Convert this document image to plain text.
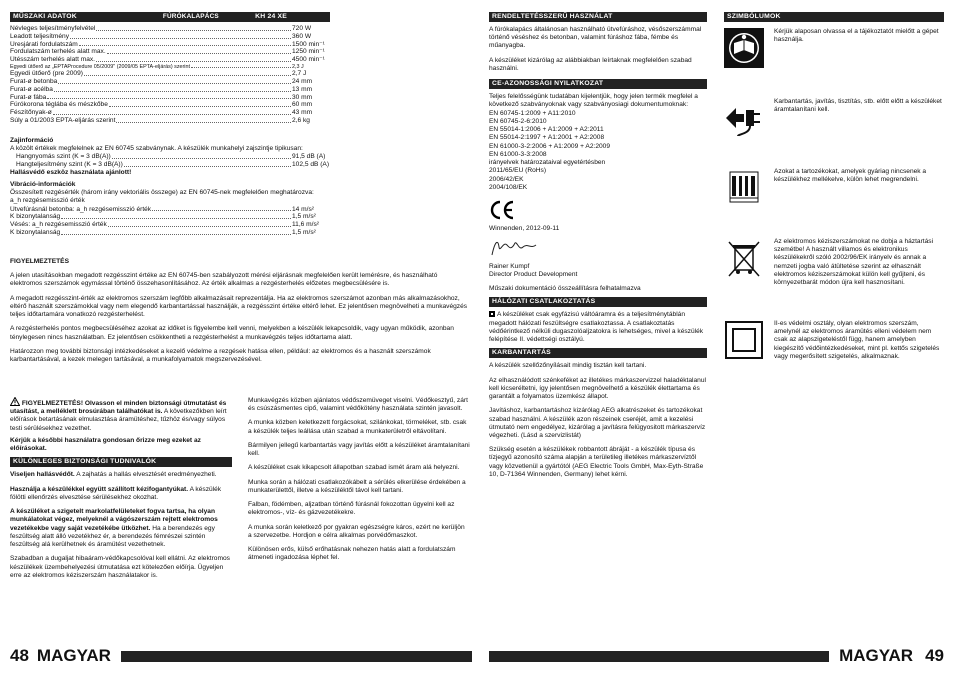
MŰSZAKI ADATOK	FÚRÓKALAPÁCS	KH 24 XE
Névleges teljesítményfelvétel	720 W
Leadott teljesítmény	360 W
Üresjárati fordulatszám	1500 min⁻¹
Fordulatszám terhelés alatt max.	1250 min⁻¹
Ütésszám terhelés alatt max.	4500 min⁻¹
Egyedi ütőerő az „EPTAProcedure 05/2009" (2009/05 EPTA-eljárás) szerint	2,3 J
Egyedi ütőerő (pre 2009)	2,7 J
Furat-ø betonba	24 mm
Furat-ø acélba	13 mm
Furat-ø fába	30 mm
Fúrókorona téglába és mészkőbe	60 mm
Fészítőnyak-ø	43 mm
Súly a 01/2003 EPTA-eljárás szerint	2,6 kg
Zajinformáció
A közölt értékek megfelelnek az EN 60745 szabványnak. A készülék munkahelyi zajszintje tipikusan:
Hangnyomás szint (K = 3 dB(A))	91,5 dB (A)
Hangteljesítmény szint (K = 3 dB(A))	102,5 dB (A)
Hallásvédő eszköz használata ajánlott!
Vibráció-információk
Összesített rezgésérték (három irány vektoriális összege) az EN 60745-nek megfelelően meghatározva:
a_h rezgésemisszió érték
Ütvefúrásnál betonba: a_h rezgésemisszió érték	14 m/s²
K bizonytalanság	1,5 m/s²
Vésés: a_h rezgésemisszió érték	11,6 m/s²
K bizonytalanság	1,5 m/s²
FIGYELMEZTETÉS

A jelen utasításokban megadott rezgésszint értéke az EN 60745-ben szabályozott mérési eljárásnak megfelelően került lemérésre, és használható elektromos szerszámok egymással történő összehasonlításához. Az érték alkalmas a rezgésterhelés előzetes megbecsülésére is.

A megadott rezgésszint-érték az elektromos szerszám legfőbb alkalmazásait reprezentálja. Ha az elektromos szerszámot azonban más alkalmazásokhoz, eltérő használt szerszámokkal vagy nem elegendő karbantartással használják, a rezgésszint értéke eltérő lehet. Ez jelentősen megnövelheti a munkavégzés teljes időtartamára vonatkozó rezgésterhelést.

A rezgésterhelés pontos megbecsüléséhez azokat az időket is figyelembe kell venni, melyekben a készülék lekapcsoldik, vagy ugyan működik, azonban ténylegesen nincs használatban. Ez jelentősen csökkentheti a rezgésterhelést a munkavégzés teljes időtartama alatt.

Határozzon meg további biztonsági intézkedéseket a kezelő védelme a rezgések hatása ellen, például: az elektromos és a használt szerszámok karbantartásával, a kezek melegen tartásával, a munkafolyamatok megszervezésével.

FIGYELMEZTETÉS! Olvasson el minden biztonsági útmutatást és utasítást, a melléklett brosúrában találhatókat is. A következőkben leírt előírások betartásának elmulasztása áramütéshez, tűzhöz és/vagy súlyos testi sérülésekhez vezethet.
Kérjük a későbbi használatra gondosan őrizze meg ezeket az előírásokat.
KÜLÖNLEGES BIZTONSÁGI TUDNIVALÓK

Viseljen hallásvédőt. A zajhatás a hallás elvesztését eredményezheti.

Használja a készülékkel együtt szállított kézifogantyúkat. A készülék fölötti ellenőrzés elvesztése sérülésekhez okozhat.

A készüléket a szigetelt markolatfelületeket fogva tartsa, ha olyan munkálatokat végez, melyeknél a vágószerszám rejtett elektromos vezetékekbe vagy saját vezetékébe ütközhet. Ha a berendezés egy feszültség alatt álló vezetékhez ér, a berendezés fémrészei szintén feszültség alá kerülhetnek és áramütést vezethetnek.

Szabadban a dugaljat hibaáram-védőkapcsolóval kell ellátni. Az elektromos készülékek üzembehelyezési útmutatása ezt kötelezően előírja. Ügyeljen erre az elektromos kéziszerszám használatakor is.

Munkavégzés közben ajánlatos védőszemüveget viselni. Védőkesztyű, zárt és csúszásmentes cipő, valamint védőkötény használata szintén javasolt.

A munka közben keletkezett forgácsokat, szilánkokat, törmeléket, stb. csak a készülék teljes leállása után szabad a munkaterületről eltávolítani.

Bármilyen jellegű karbantartás vagy javítás előtt a készüléket áramtalanítani kell.

A készüléket csak kikapcsolt állapotban szabad ismét áram alá helyezni.

Munka során a hálózati csatlakozókábelt a sérülés elkerülése érdekében a munkaterülettől, illetve a készüléktől távol kell tartani.

Falban, födémben, aljzatban történő fúrásnál fokozottan ügyelni kell az elektromos-, víz- és gázvezetékekre.

A munka során keletkező por gyakran egészségre káros, ezért ne kerüljön a szervezetbe. Hordjon e célra alkalmas porvédőmaszkot.

Különösen erős, külső erőhatásnak nehezen hatás alatt a fordulatszám átmeneti ingadozása léphet fel.

RENDELTETÉSSZERŰ HASZNÁLAT

A fúrókalapács általánosan használható ütvefúráshoz, vésőszerszámmal történő véséshez és betonban, valamint fúráshoz fába, fémbe és műanyagba.

A készüléket kizárólag az alábbiakban leírtaknak megfelelően szabad használni.

CE-AZONOSSÁGI NYILATKOZAT
Teljes felelősségünk tudatában kijelentjük, hogy jelen termék megfelel a következő szabványoknak vagy szabványosiagi dokumentumoknak:
EN 60745-1:2009 + A11:2010
EN 60745-2-6:2010
EN 55014-1:2006 + A1:2009 + A2:2011
EN 55014-2:1997 + A1:2001 + A2:2008
EN 61000-3-2:2006 + A1:2009 + A2:2009
EN 61000-3-3:2008
irányelvek határozataival egyetértésben
2011/65/EU (RoHs)
2006/42/EK
2004/108/EK
Winnenden, 2012-09-11
Rainer Kumpf
Director Product Development
Műszaki dokumentáció összeállításra felhatalmazva
HÁLÓZATI CSATLAKOZTATÁS
A készüléket csak egyfázisú váltóáramra és a teljesítménytáblán megadott hálózati feszültségre csatlakoztassa. A csatlakoztatás védőérintkező nélküli dugaszolóaljzatokra is lehetséges, mivel a készülék felépítése II. védettségi osztályú.
KARBANTARTÁS

A készülék szellőzőnyílásait mindig tisztán kell tartani.

Az elhasználódott szénkeféket az illetékes márkaszervizzel haladéktalanul kell kicseréltetni, így jelentősen megnövelhető a készülék élettartama és garantált a folyamatos üzemkész állapot.

Javításhoz, karbantartáshoz kizárólag AEG alkatrészeket és tartozékokat szabad használni. A készülék azon részeinek cseréjét, amit a kezelési útmutató nem engedélyez, kizárólag a javításra felügyositott márkaszervíz végezheti. (Lásd a szervizlistát)

Szükség esetén a készülékek robbantott ábráját - a készülék típusa és tízjegyű azonosító száma alapján a területileg illetékes márkaszervíztől vagy közvetlenül a gyártótól (AEG Electric Tools GmbH, Max-Eyth-Straße 10, D-71364 Winnenden, Germany) lehet kérni.

SZIMBÓLUMOK
Kérjük alaposan olvassa el a tájékoztatót mielőtt a gépet használja.
Karbantartás, javítás, tisztítás, stb. előtt előtt a készüléket áramtalanítani kell.
Azokat a tartozékokat, amelyek gyáriag nincsenek a készülékhez mellékelve, külön lehet megrendelni.
Az elektromos kéziszerszámokat ne dobja a háztartási szemétbe! A használt villamos és elektronikus készülékekről szóló 2002/96/EK irányelv és annak a nemzeti jogba való átültetése szerint az elhasznált elektromos kéziszerszámokat külön kell gyűjteni, és környezetbarát módon újra kell hasznosítani.
II-es védelmi osztály, olyan elektromos szerszám, amelynél az elektromos áramütés elleni védelem nem csak az alapszigeteléstől függ, hanem amelyben kiegészítő védőintézkedéseket, mint pl. kettős szigetelés vagy megerősített szigetelés, alkalmaznak.
48 MAGYAR	MAGYAR 49
